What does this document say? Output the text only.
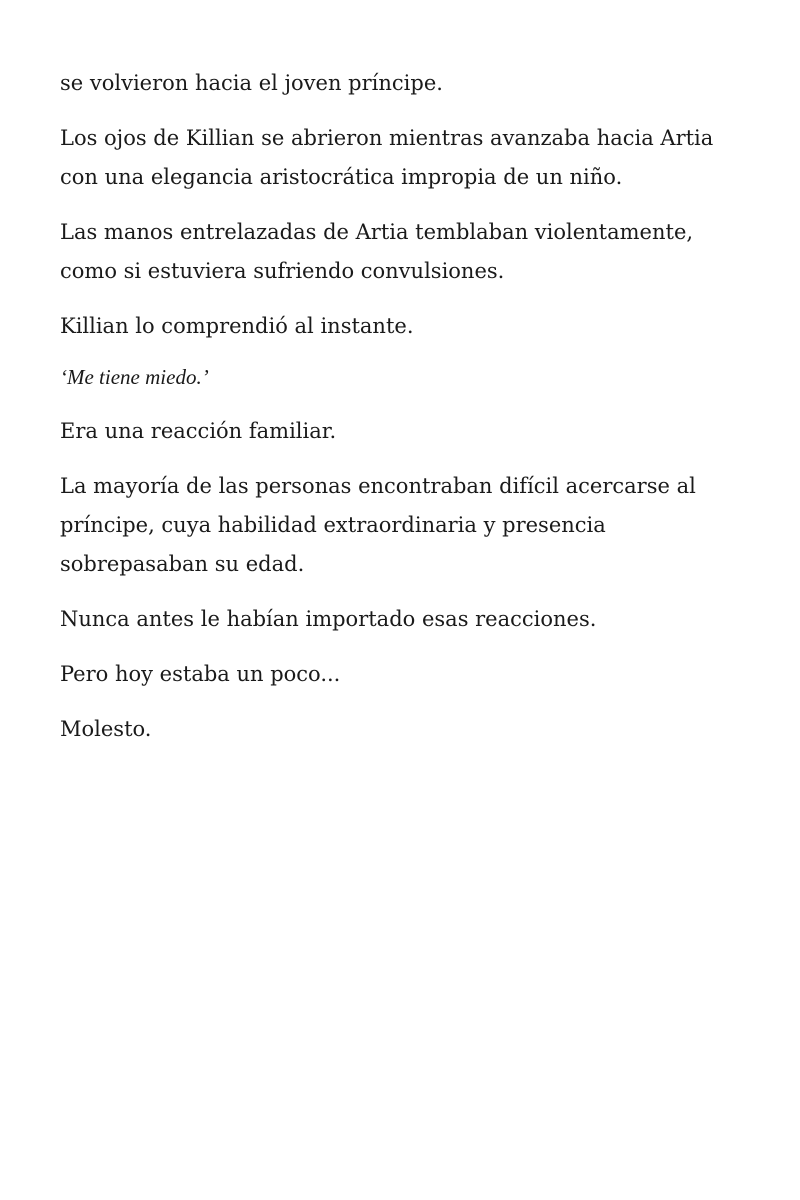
se volvieron hacia el joven príncipe.

Los ojos de Killian se abrieron mientras avanzaba hacia Artia con una elegancia aristocrática impropia de un niño.

Las manos entrelazadas de Artia temblaban violentamente, como si estuviera sufriendo convulsiones.

Killian lo comprendió al instante.

‘Me tiene miedo.’

Era una reacción familiar.

La mayoría de las personas encontraban difícil acercarse al príncipe, cuya habilidad extraordinaria y presencia sobrepasaban su edad.

Nunca antes le habían importado esas reacciones.

Pero hoy estaba un poco...

Molesto.
